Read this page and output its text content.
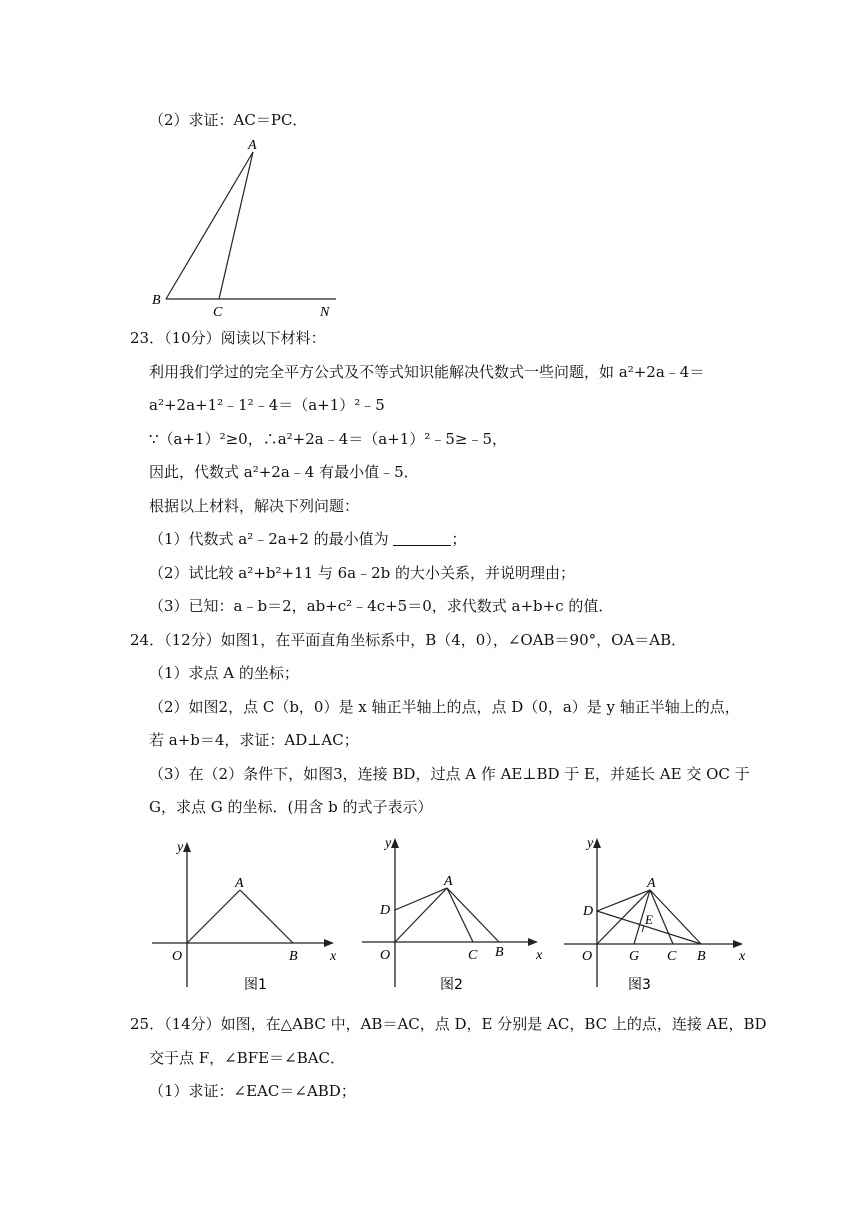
（2）求证：AC＝PC．
A
B
C	N
23．（10分）阅读以下材料：
利用我们学过的完全平方公式及不等式知识能解决代数式一些问题，如 a²+2a﹣4＝
a²+2a+1²﹣1²﹣4＝（a+1）²﹣5
∵（a+1）²≥0，∴a²+2a﹣4＝（a+1）²﹣5≥﹣5，
因此，代数式 a²+2a﹣4 有最小值﹣5．
根据以上材料，解决下列问题：
（1）代数式 a²﹣2a+2 的最小值为	；
（2）试比较 a²+b²+11 与 6a﹣2b 的大小关系，并说明理由；
（3）已知：a﹣b＝2，ab+c²﹣4c+5＝0，求代数式 a+b+c 的值．
24．（12分）如图1，在平面直角坐标系中，B（4，0），∠OAB＝90°，OA＝AB．
（1）求点 A 的坐标；
（2）如图2，点 C（b，0）是 x 轴正半轴上的点，点 D（0，a）是 y 轴正半轴上的点，
若 a+b＝4，求证：AD⊥AC；
（3）在（2）条件下，如图3，连接 BD，过点 A 作 AE⊥BD 于 E，并延长 AE 交 OC 于
G，求点 G 的坐标．(用含 b 的式子表示）
y
A
O	B x
图1
y
A
D
O	C B x
图2
y
A
D
E
O	G C B x
图3
25．（14分）如图，在△ABC 中，AB＝AC，点 D，E 分别是 AC，BC 上的点，连接 AE，BD
交于点 F，∠BFE＝∠BAC．
（1）求证：∠EAC＝∠ABD；
